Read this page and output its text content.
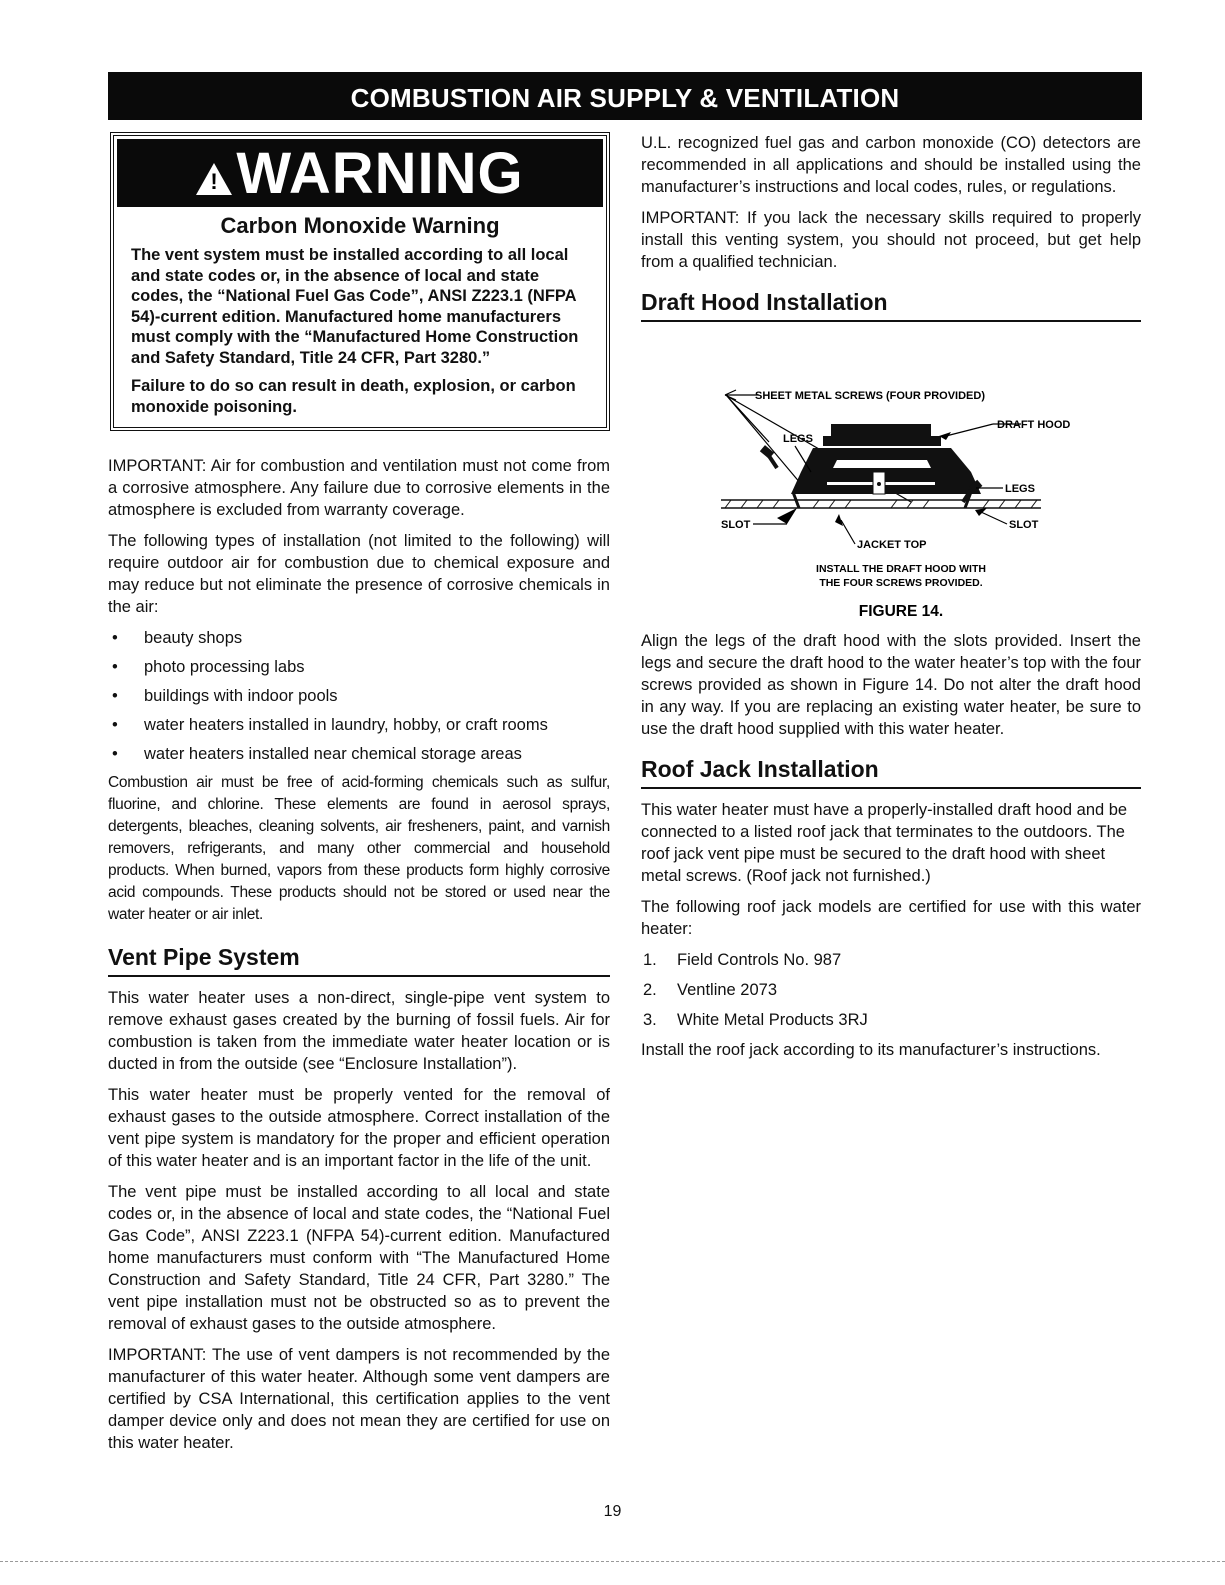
COMBUSTION AIR SUPPLY & VENTILATION
! WARNING
Carbon Monoxide Warning
The vent system must be installed according to all local and state codes or, in the absence of local and state codes, the “National Fuel Gas Code”, ANSI Z223.1 (NFPA 54)-current edition. Manufactured home manufacturers must comply with the “Manufactured Home Construction and Safety Standard, Title 24 CFR, Part 3280.”
Failure to do so can result in death, explosion, or carbon monoxide poisoning.

IMPORTANT: Air for combustion and ventilation must not come from a corrosive atmosphere. Any failure due to corrosive elements in the atmosphere is excluded from warranty coverage.

The following types of installation (not limited to the following) will require outdoor air for combustion due to chemical exposure and may reduce but not eliminate the presence of corrosive chemicals in the air:

• beauty shops
• photo processing labs
• buildings with indoor pools
• water heaters installed in laundry, hobby, or craft rooms
• water heaters installed near chemical storage areas

Combustion air must be free of acid-forming chemicals such as sulfur, fluorine, and chlorine. These elements are found in aerosol sprays, detergents, bleaches, cleaning solvents, air fresheners, paint, and varnish removers, refrigerants, and many other commercial and household products. When burned, vapors from these products form highly corrosive acid compounds. These products should not be stored or used near the water heater or air inlet.

Vent Pipe System

This water heater uses a non-direct, single-pipe vent system to remove exhaust gases created by the burning of fossil fuels. Air for combustion is taken from the immediate water heater location or is ducted in from the outside (see “Enclosure Installation”).

This water heater must be properly vented for the removal of exhaust gases to the outside atmosphere. Correct installation of the vent pipe system is mandatory for the proper and efficient operation of this water heater and is an important factor in the life of the unit.

The vent pipe must be installed according to all local and state codes or, in the absence of local and state codes, the “National Fuel Gas Code”, ANSI Z223.1 (NFPA 54)-current edition. Manufactured home manufacturers must conform with “The Manufactured Home Construction and Safety Standard, Title 24 CFR, Part 3280.” The vent pipe installation must not be obstructed so as to prevent the removal of exhaust gases to the outside atmosphere.

IMPORTANT: The use of vent dampers is not recommended by the manufacturer of this water heater. Although some vent dampers are certified by CSA International, this certification applies to the vent damper device only and does not mean they are certified for use on this water heater.

U.L. recognized fuel gas and carbon monoxide (CO) detectors are recommended in all applications and should be installed using the manufacturer’s instructions and local codes, rules, or regulations.

IMPORTANT: If you lack the necessary skills required to properly install this venting system, you should not proceed, but get help from a qualified technician.

Draft Hood Installation
SHEET METAL SCREWS (FOUR PROVIDED)
LEGS
DRAFT HOOD
LEGS
SLOT	SLOT
JACKET TOP
INSTALL THE DRAFT HOOD WITH
THE FOUR SCREWS PROVIDED.
FIGURE 14.

Align the legs of the draft hood with the slots provided. Insert the legs and secure the draft hood to the water heater’s top with the four screws provided as shown in Figure 14. Do not alter the draft hood in any way. If you are replacing an existing water heater, be sure to use the draft hood supplied with this water heater.

Roof Jack Installation

This water heater must have a properly-installed draft hood and be connected to a listed roof jack that terminates to the outdoors. The roof jack vent pipe must be secured to the draft hood with sheet metal screws. (Roof jack not furnished.)

The following roof jack models are certified for use with this water heater:

1. Field Controls No. 987
2. Ventline 2073
3. White Metal Products 3RJ

Install the roof jack according to its manufacturer’s instructions.

19
